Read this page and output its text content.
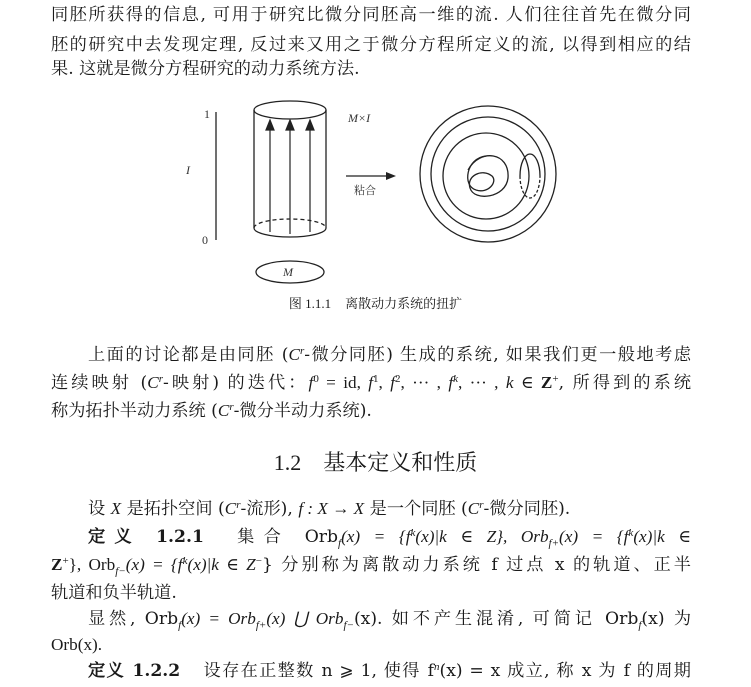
同胚所获得的信息, 可用于研究比微分同胚高一维的流. 人们往往首先在微分同
胚的研究中去发现定理, 反过来又用之于微分方程所定义的流, 以得到相应的结
果. 这就是微分方程研究的动力系统方法.
1
I
0
M
M×I
粘合
图 1.1.1 离散动力系统的扭扩
上面的讨论都是由同胚 ($C^r-$微分同胚) 生成的系统, 如果我们更一般地考虑
连续映射 ($C^r-$映射) 的迭代：$f^0$ = id, $f^1$, $f^2$, ··· , $f^k$, ··· , k ∈ Z+, 所得到的系统
称为拓扑半动力系统 ($C^r-$微分半动力系统).
1.2 基本定义和性质
设 X 是拓扑空间 ($C^r-$流形), f : X → X 是一个同胚 ($C^r-$微分同胚).
定义 1.2.1 集合 $Orb_f(x) = \{f^k(x)|k$ ∈ Z}, $Orb_{f+}(x) = \{f^k(x)|k$ ∈
Z+}, $Orb_{f-}(x) = \{f^k(x)|k$ ∈ Z−} 分别称为离散动力系统 f 过点 x 的轨道、正半
轨道和负半轨道.
显然, Orb$_f$(x) = Orb$_{f+}$(x) ⋃ Orb$_{f-}$(x). 如不产生混淆, 可简记 Orb$_f$(x) 为
Orb(x).
定义 1.2.2 设存在正整数 n ⩾ 1, 使得 $f^n(x) = x$ 成立, 称 x 为 f 的周期
